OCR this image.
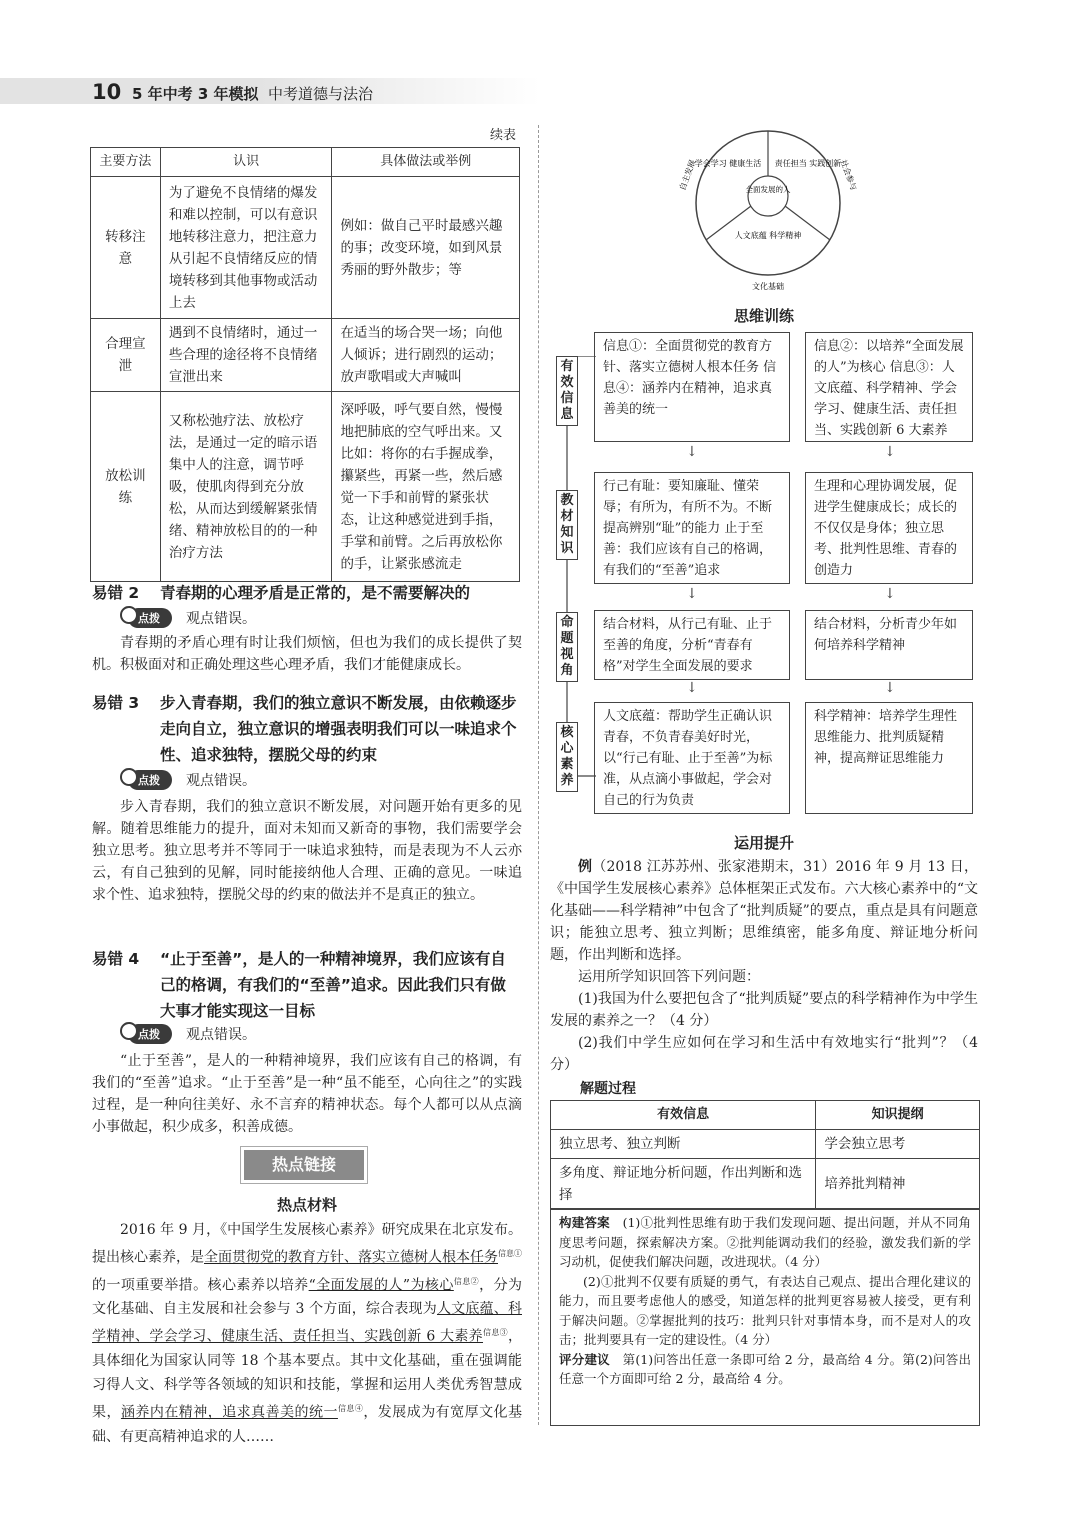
10 5 年中考 3 年模拟 中考道德与法治
续表
主要方法	认识	具体做法或举例
转移注意	为了避免不良情绪的爆发和难以控制，可以有意识地转移注意力，把注意力从引起不良情绪反应的情境转移到其他事物或活动上去	例如：做自己平时最感兴趣的事；改变环境，如到风景秀丽的野外散步；等
合理宣泄	遇到不良情绪时，通过一些合理的途径将不良情绪宣泄出来	在适当的场合哭一场；向他人倾诉；进行剧烈的运动；放声歌唱或大声喊叫
放松训练	又称松弛疗法、放松疗法，是通过一定的暗示语集中人的注意，调节呼吸，使肌肉得到充分放松，从而达到缓解紧张情绪、精神放松目的的一种治疗方法	深呼吸，呼气要自然，慢慢地把肺底的空气呼出来。又比如：将你的右手握成拳，攥紧些，再紧一些，然后感觉一下手和前臂的紧张状态，让这种感觉进到手指，手掌和前臂。之后再放松你的手，让紧张感流走
易错 2 青春期的心理矛盾是正常的，是不需要解决的
点拨	观点错误。
青春期的矛盾心理有时让我们烦恼，但也为我们的成长提供了契机。积极面对和正确处理这些心理矛盾，我们才能健康成长。
易错 3 步入青春期，我们的独立意识不断发展，由依赖逐步走向自立，独立意识的增强表明我们可以一味追求个性、追求独特，摆脱父母的约束
点拨	观点错误。
步入青春期，我们的独立意识不断发展，对问题开始有更多的见解。随着思维能力的提升，面对未知而又新奇的事物，我们需要学会独立思考。独立思考并不等同于一味追求独特，而是表现为不人云亦云，有自己独到的见解，同时能接纳他人合理、正确的意见。一味追求个性、追求独特，摆脱父母的约束的做法并不是真正的独立。
易错 4 “止于至善”，是人的一种精神境界，我们应该有自己的格调，有我们的“至善”追求。因此我们只有做大事才能实现这一目标
点拨	观点错误。
“止于至善”，是人的一种精神境界，我们应该有自己的格调，有我们的“至善”追求。“止于至善”是一种“虽不能至，心向往之”的实践过程，是一种向往美好、永不言弃的精神状态。每个人都可以从点滴小事做起，积少成多，积善成德。
热点链接
热点材料
2016 年 9 月，《中国学生发展核心素养》研究成果在北京发布。提出核心素养，是全面贯彻党的教育方针、落实立德树人根本任务$^{信息①}$的一项重要举措。核心素养以培养“全面发展的人”为核心$^{信息②}$，分为文化基础、自主发展和社会参与 3 个方面，综合表现为人文底蕴、科学精神、学会学习、健康生活、责任担当、实践创新 6 大素养$^{信息③}$，具体细化为国家认同等 18 个基本要点。其中文化基础，重在强调能习得人文、科学等各领域的知识和技能，掌握和运用人类优秀智慧成果，涵养内在精神，追求真善美的统一$^{信息④}$，发展成为有宽厚文化基础、有更高精神追求的人……
全面发展的人
学会学习 健康生活 责任担当 实践创新
人文底蕴 科学精神
自主发展	社会参与
文化基础
思维训练
有效信息
教材知识
命题视角
核心素养
信息①：全面贯彻党的教育方针、落实立德树人根本任务 信息④：涵养内在精神，追求真善美的统一
信息②：以培养“全面发展的人”为核心 信息③：人文底蕴、科学精神、学会学习、健康生活、责任担当、实践创新 6 大素养
↓	↓
行己有耻：要知廉耻、懂荣辱；有所为，有所不为。不断提高辨别“耻”的能力 止于至善：我们应该有自己的格调，有我们的“至善”追求
生理和心理协调发展，促进学生健康成长；成长的不仅仅是身体；独立思考、批判性思维、青春的创造力
↓	↓
结合材料，从行己有耻、止于至善的角度，分析“青春有格”对学生全面发展的要求
结合材料，分析青少年如何培养科学精神
↓	↓
人文底蕴：帮助学生正确认识青春，不负青春美好时光，以“行己有耻、止于至善”为标准，从点滴小事做起，学会对自己的行为负责
科学精神：培养学生理性思维能力、批判质疑精神，提高辩证思维能力
运用提升
例（2018 江苏苏州、张家港期末，31）2016 年 9 月 13 日，《中国学生发展核心素养》总体框架正式发布。六大核心素养中的“文化基础——科学精神”中包含了“批判质疑”的要点，重点是具有问题意识；能独立思考、独立判断；思维缜密，能多角度、辩证地分析问题，作出判断和选择。
运用所学知识回答下列问题：
(1)我国为什么要把包含了“批判质疑”要点的科学精神作为中学生发展的素养之一？（4 分）
(2)我们中学生应如何在学习和生活中有效地实行“批判”？（4 分）
解题过程
有效信息	知识提纲
独立思考、独立判断	学会独立思考
多角度、辩证地分析问题，作出判断和选择	培养批判精神
构建答案　 (1)①批判性思维有助于我们发现问题、提出问题，并从不同角度思考问题，探索解决方案。②批判能调动我们的经验，激发我们新的学习动机，促使我们解决问题，改进现状。（4 分）
(2)①批判不仅要有质疑的勇气，有表达自己观点、提出合理化建议的能力，而且要考虑他人的感受，知道怎样的批判更容易被人接受，更有利于解决问题。②掌握批判的技巧：批判只针对事情本身，而不是对人的攻击；批判要具有一定的建设性。（4 分）
评分建议　 第(1)问答出任意一条即可给 2 分，最高给 4 分。第(2)问答出任意一个方面即可给 2 分，最高给 4 分。
